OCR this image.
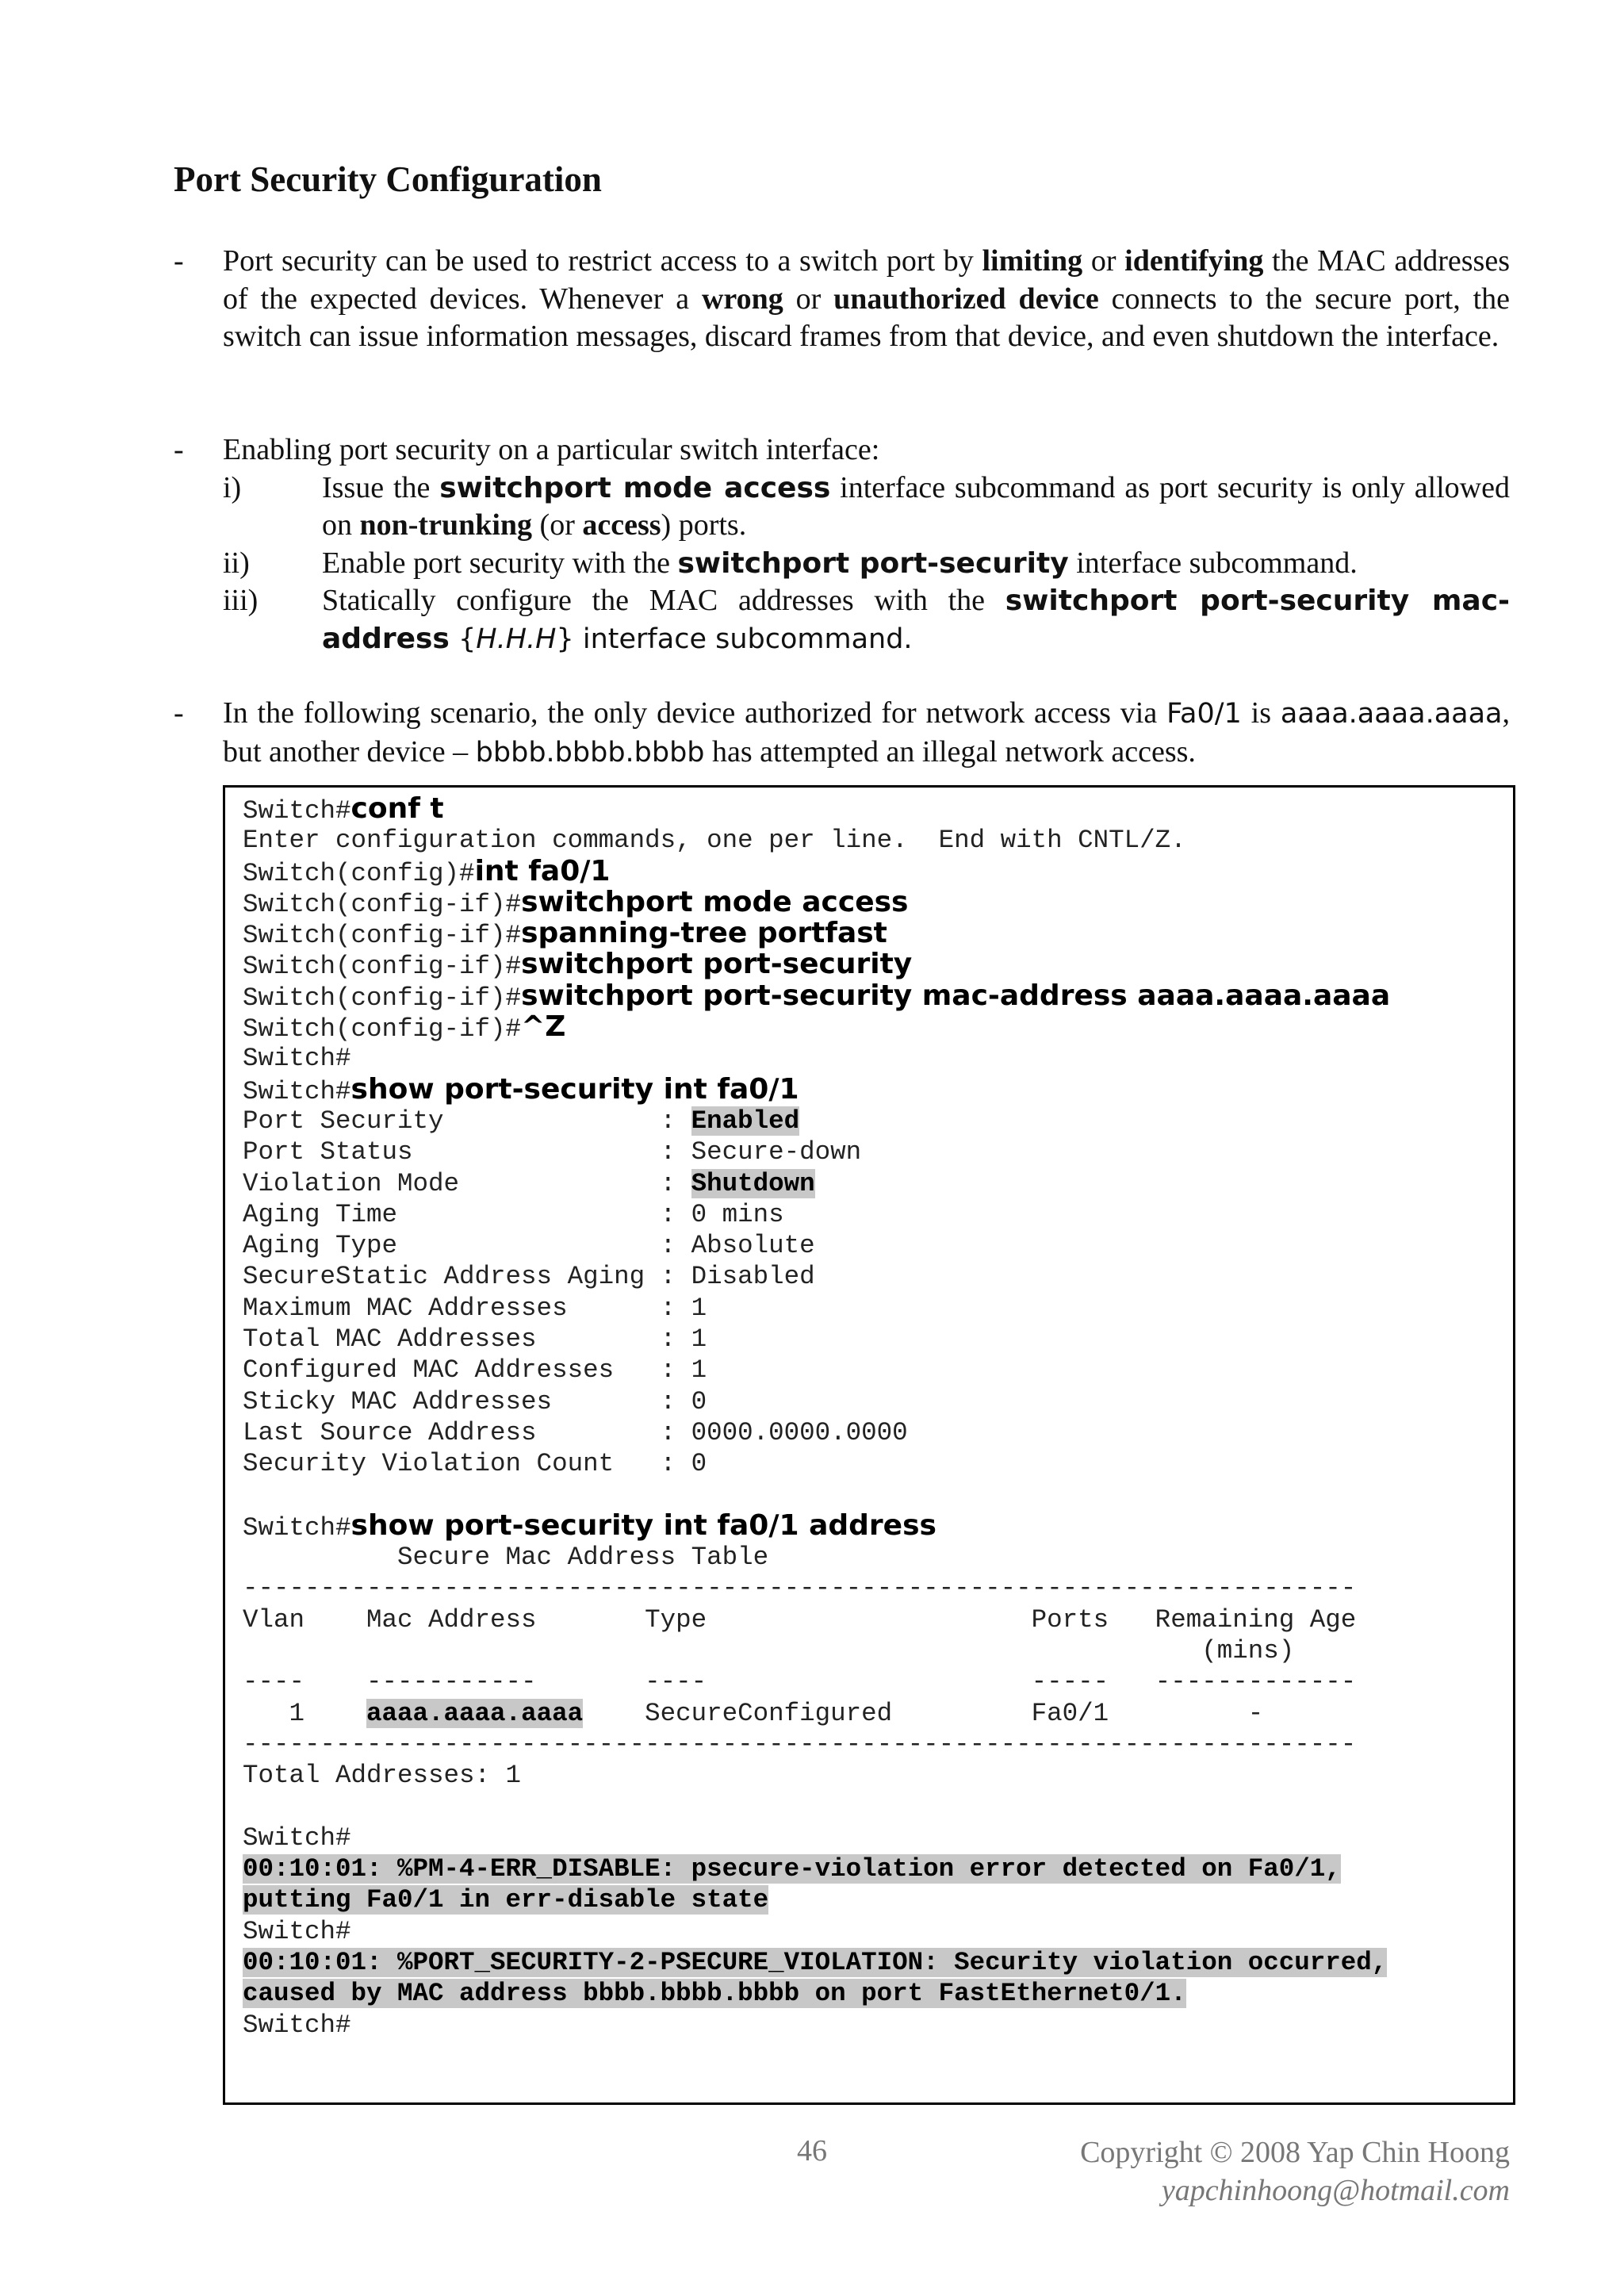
Port Security Configuration
- Port security can be used to restrict access to a switch port by limiting or identifying the MAC addresses of the expected devices. Whenever a wrong or unauthorized device connects to the secure port, the switch can issue information messages, discard frames from that device, and even shutdown the interface.
- Enabling port security on a particular switch interface:
i)	Issue the switchport mode access interface subcommand as port security is only allowed on non-trunking (or access) ports.
ii) Enable port security with the switchport port-security interface subcommand.
iii) Statically configure the MAC addresses with the switchport port-security mac-address {H.H.H} interface subcommand.
- In the following scenario, the only device authorized for network access via Fa0/1 is aaaa.aaaa.aaaa, but another device – bbbb.bbbb.bbbb has attempted an illegal network access.
Switch#conf t
Enter configuration commands, one per line.  End with CNTL/Z.
Switch(config)#int fa0/1
Switch(config-if)#switchport mode access
Switch(config-if)#spanning-tree portfast
Switch(config-if)#switchport port-security
Switch(config-if)#switchport port-security mac-address aaaa.aaaa.aaaa
Switch(config-if)#^Z
Switch#
Switch#show port-security int fa0/1
Port Security              : Enabled
Port Status                : Secure-down
Violation Mode             : Shutdown
Aging Time                 : 0 mins
Aging Type                 : Absolute
SecureStatic Address Aging : Disabled
Maximum MAC Addresses      : 1
Total MAC Addresses        : 1
Configured MAC Addresses   : 1
Sticky MAC Addresses       : 0
Last Source Address        : 0000.0000.0000
Security Violation Count   : 0

Switch#show port-security int fa0/1 address
Secure Mac Address Table
------------------------------------------------------------------------
Vlan    Mac Address       Type                     Ports   Remaining Age
(mins)
----    -----------       ----                     -----   -------------
1    aaaa.aaaa.aaaa    SecureConfigured         Fa0/1         -
------------------------------------------------------------------------
Total Addresses: 1

Switch#
00:10:01: %PM-4-ERR_DISABLE: psecure-violation error detected on Fa0/1,
putting Fa0/1 in err-disable state
Switch#
00:10:01: %PORT_SECURITY-2-PSECURE_VIOLATION: Security violation occurred,
caused by MAC address bbbb.bbbb.bbbb on port FastEthernet0/1.
Switch#
46	Copyright © 2008 Yap Chin Hoong
yapchinhoong@hotmail.com
